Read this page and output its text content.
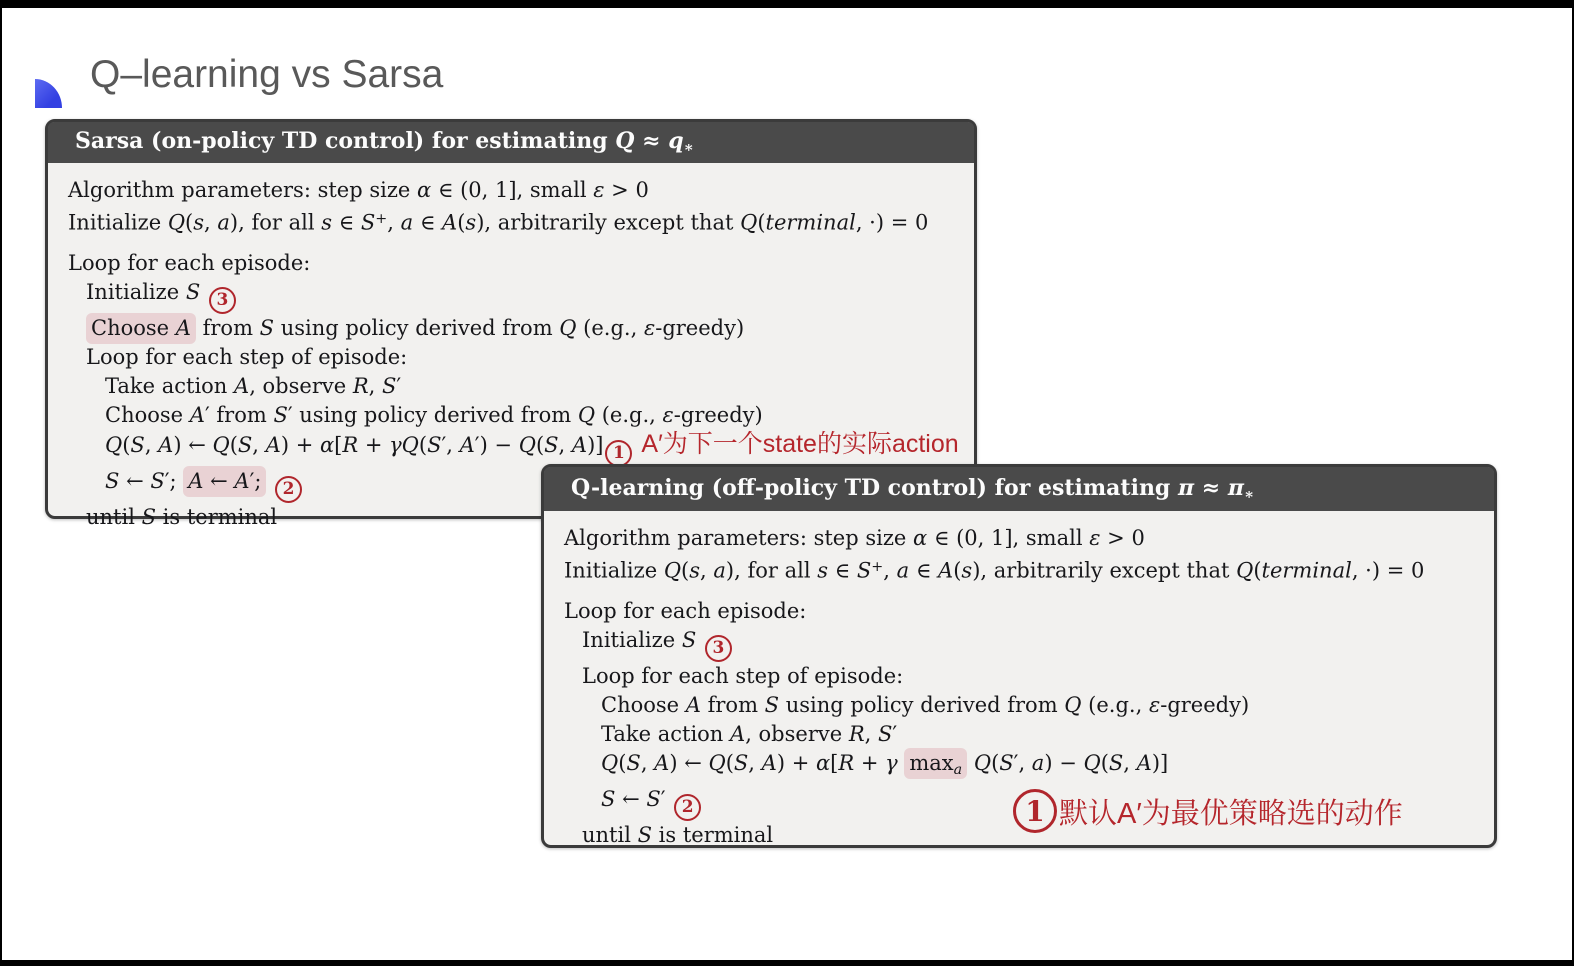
Q–learning vs Sarsa
Sarsa (on-policy TD control) for estimating Q ≈ q∗
Algorithm parameters: step size α ∈ (0, 1], small ε > 0
Initialize Q(s, a), for all s ∈ S+, a ∈ A(s), arbitrarily except that Q(terminal, ·) = 0
Loop for each episode:
Initialize S 3
Choose A from S using policy derived from Q (e.g., ε-greedy)
Loop for each step of episode:
Take action A, observe R, S′
Choose A′ from S′ using policy derived from Q (e.g., ε-greedy)
Q(S, A) ← Q(S, A) + α[R + γQ(S′, A′) − Q(S, A)] 1 A′为下一个state的实际action
S ← S′; A ← A′; 2
until S is terminal
Q-learning (off-policy TD control) for estimating π ≈ π∗
Algorithm parameters: step size α ∈ (0, 1], small ε > 0
Initialize Q(s, a), for all s ∈ S+, a ∈ A(s), arbitrarily except that Q(terminal, ·) = 0
Loop for each episode:
Initialize S 3
Loop for each step of episode:
Choose A from S using policy derived from Q (e.g., ε-greedy)
Take action A, observe R, S′
Q(S, A) ← Q(S, A) + α[R + γ maxa Q(S′, a) − Q(S, A)]
S ← S′ 2
until S is terminal
1 默认A′为最优策略选的动作
